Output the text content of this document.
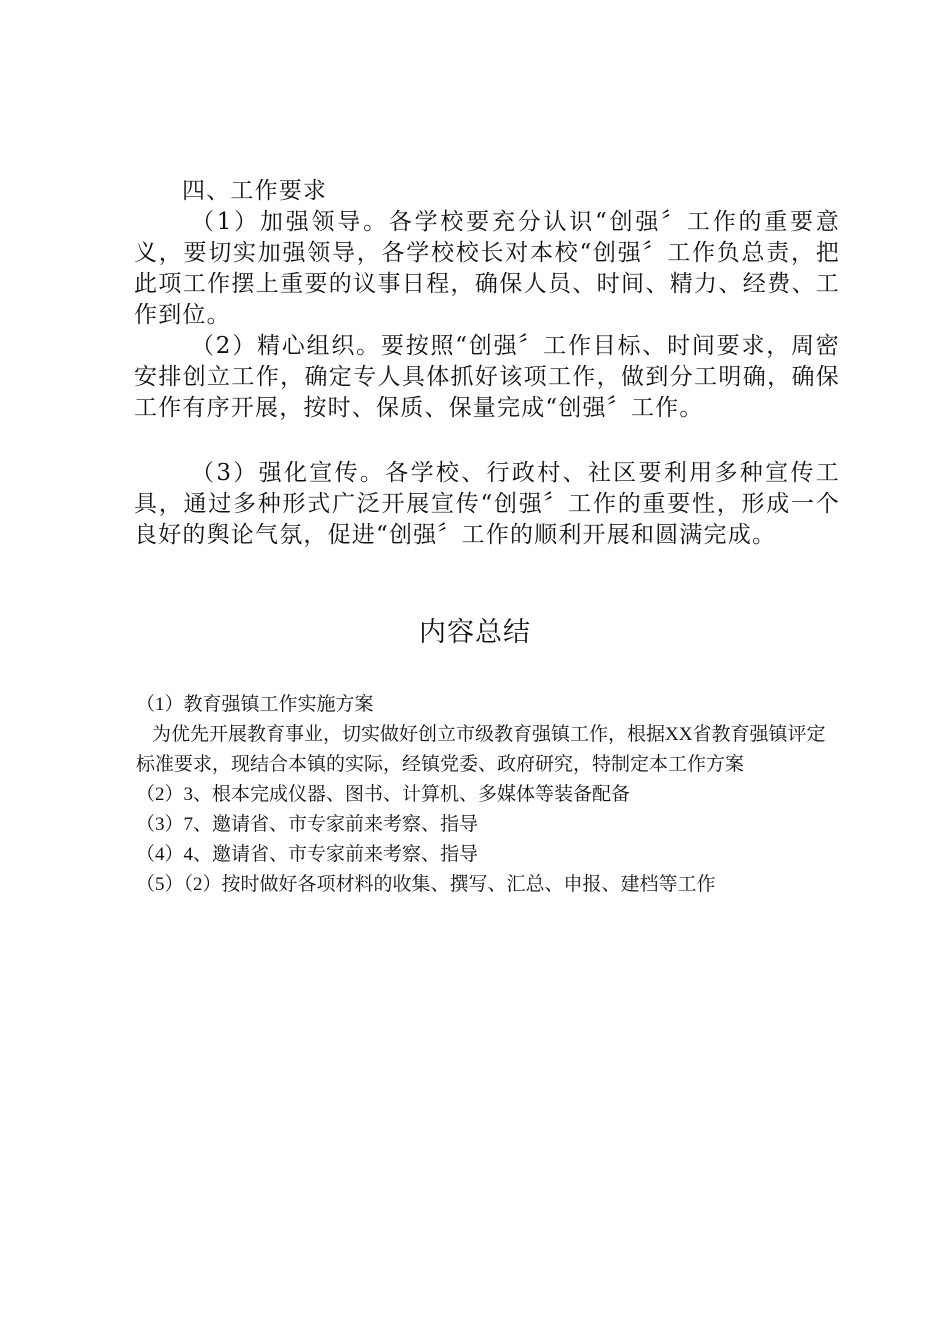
四、工作要求

（1）加强领导。各学校要充分认识“创强〞工作的重要意义，要切实加强领导，各学校校长对本校“创强〞工作负总责，把此项工作摆上重要的议事日程，确保人员、时间、精力、经费、工作到位。

（2）精心组织。要按照“创强〞工作目标、时间要求，周密安排创立工作，确定专人具体抓好该项工作，做到分工明确，确保工作有序开展，按时、保质、保量完成“创强〞工作。

（3）强化宣传。各学校、行政村、社区要利用多种宣传工具，通过多种形式广泛开展宣传“创强〞工作的重要性，形成一个良好的舆论气氛，促进“创强〞工作的顺利开展和圆满完成。

内容总结

（1）教育强镇工作实施方案

为优先开展教育事业，切实做好创立市级教育强镇工作，根据XX省教育强镇评定标准要求，现结合本镇的实际，经镇党委、政府研究，特制定本工作方案

（2）3、根本完成仪器、图书、计算机、多媒体等装备配备

（3）7、邀请省、市专家前来考察、指导

（4）4、邀请省、市专家前来考察、指导

（5）（2）按时做好各项材料的收集、撰写、汇总、申报、建档等工作
